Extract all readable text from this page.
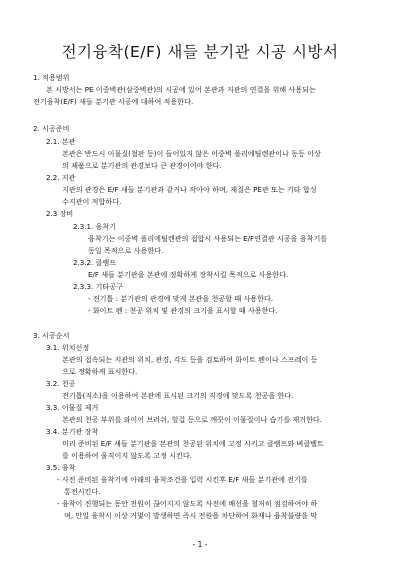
전기융착(E/F) 새들 분기관 시공 시방서
1. 적용범위
본 시방서는 PE 이중벽관(삼중벽관)의 시공에 있어 본관과 지관의 연결을 위해 사용되는
전기융착(E/F) 새들 분기관 시공에 대하여 적용한다.
2. 시공준비
2.1. 본관
본관은 반드시 이물질(철판 등)이 들어있지 않은 이중벽 폴리에틸렌관이나 동등 이상
의 제품으로 분기관의 관경보다 큰 관경이어야 한다.
2.2. 지관
지관의 관경은 E/F 새들 분기관과 같거나 작아야 하며, 재질은 PE관 또는 기타 합성
수지관이 적합하다.
2.3 장비
2.3.1. 융착기
융착기는 이중벽 폴리에틸렌관의 접합시 사용되는 E/F연결관 시공을 융착기를
동일 목적으로 사용한다.
2.3.2. 클램프
E/F 새들 분기관을 본관에 정확하게 장착시킬 목적으로 사용한다.
2.3.3. 기타공구
- 전기톱 : 분기관의 관경에 맞게 본관을 천공할 때 사용한다.
- 화이트 펜 : 천공 위치 및 관경의 크기을 표시할 때 사용한다.
3. 시공순서
3.1. 위치선정
본관의 접속되는 지관의 위치, 관경, 각도 등을 검토하여 화이트 펜이나 스프레이 등
으로 정확하게 표시한다.
3.2. 천공
전기톱(직소)을 이용하여 본관에 표시된 크기의 직경에 맞도록 천공을 한다.
3.3. 이물질 제거
본관의 천공 부위를 와이어 브러쉬, 헝겁 등으로 깨끗이 이물질이나 습기를 제거한다.
3.4. 분기관 장착
미리 준비된 E/F 새들 분기관을 본관의 천공된 위치에 고정 시키고 클램프와 벼클벨트
를 이용하여 움직이지 않도록 고정 시킨다.
3.5. 융착
- 사전 준비된 융착기에 아래의 융착조건을 입력 시킨후 E/F 새들 분기관에 전기를
통전시킨다.
- 융착이 진행되는 동안 전원이 끊어지지 않도록 사전에 배선을 철저히 점검하여야 하
며, 만일 융착시 이상 거몇이 발생하면 즉시 전원을 차단하여 화재나 융착불량을 막
- 1 -
